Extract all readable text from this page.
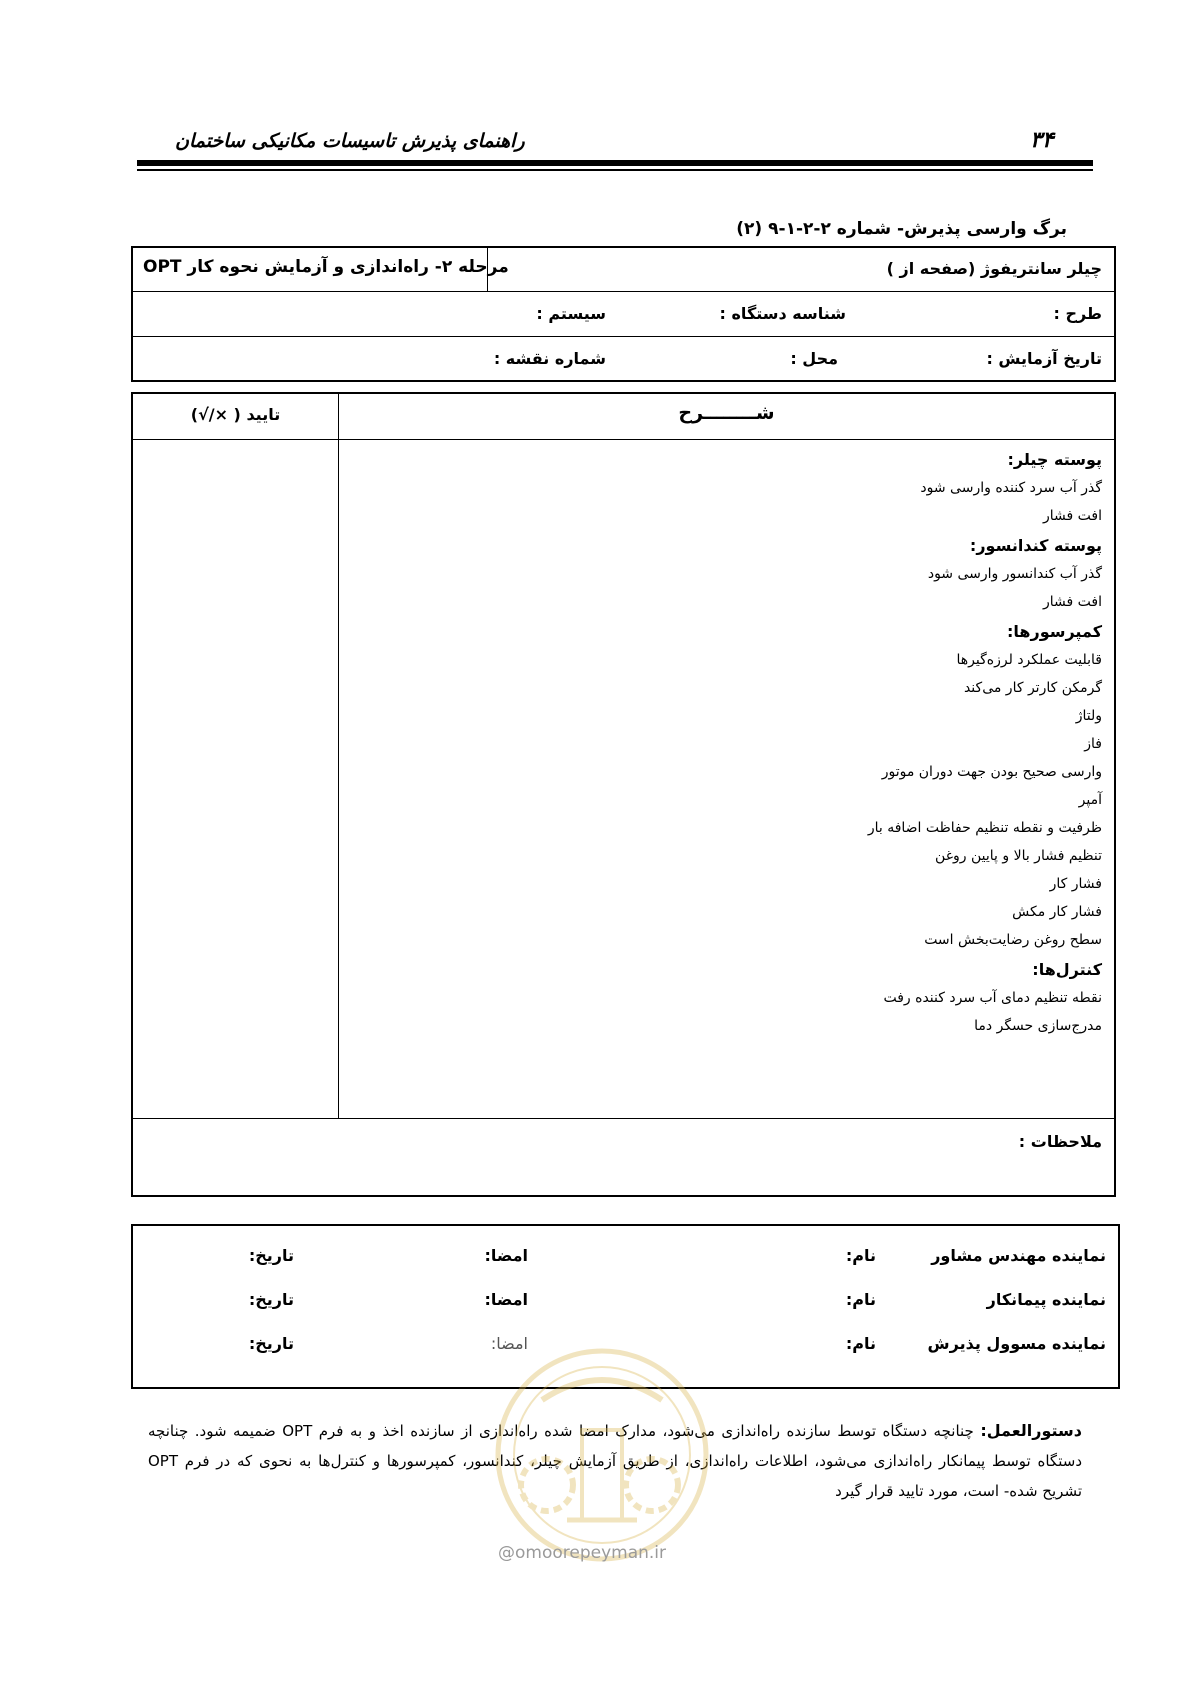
۳۴
راهنمای پذیرش تاسیسات مکانیکی ساختمان
برگ وارسی پذیرش- شماره ۲-۲-۱-۹ (۲)
چیلر سانتریفوژ (صفحه از )
مرحله ۲- راه‌اندازی و آزمایش نحوه کار OPT
طرح :
شناسه دستگاه :
سیستم :
تاریخ آزمایش :
محل :
شماره نقشه :
شــــــــرح
تایید ( ×/√)
پوسته چیلر:
گذر آب سرد کننده وارسی شود
افت فشار
پوسته کندانسور:
گذر آب کندانسور وارسی شود
افت فشار
کمپرسورها:
قابلیت عملکرد لرزه‌گیرها
گرمکن کارتر کار می‌کند
ولتاژ
فاز
وارسی صحیح بودن جهت دوران موتور
آمپر
ظرفیت و نقطه تنظیم حفاظت اضافه بار
تنظیم فشار بالا و پایین روغن
فشار کار
فشار کار مکش
سطح روغن رضایت‌بخش است
کنترل‌ها:
نقطه تنظیم دمای آب سرد کننده رفت
مدرج‌سازی حسگر دما
ملاحظات :
نماینده مهندس مشاور
نام:
امضا:
تاریخ:
نماینده پیمانکار
نام:
امضا:
تاریخ:
نماینده مسوول پذیرش
نام:
امضا:
تاریخ:
دستورالعمل: چنانچه دستگاه توسط سازنده راه‌اندازی می‌شود، مدارک امضا شده راه‌اندازی از سازنده اخذ و به فرم OPT ضمیمه شود. چنانچه دستگاه توسط پیمانکار راه‌اندازی می‌شود، اطلاعات راه‌اندازی، از طریق آزمایش چیلر، کندانسور، کمپرسورها و کنترل‌ها به نحوی که در فرم OPT تشریح شده- است، مورد تایید قرار گیرد
@omoorepeyman.ir
